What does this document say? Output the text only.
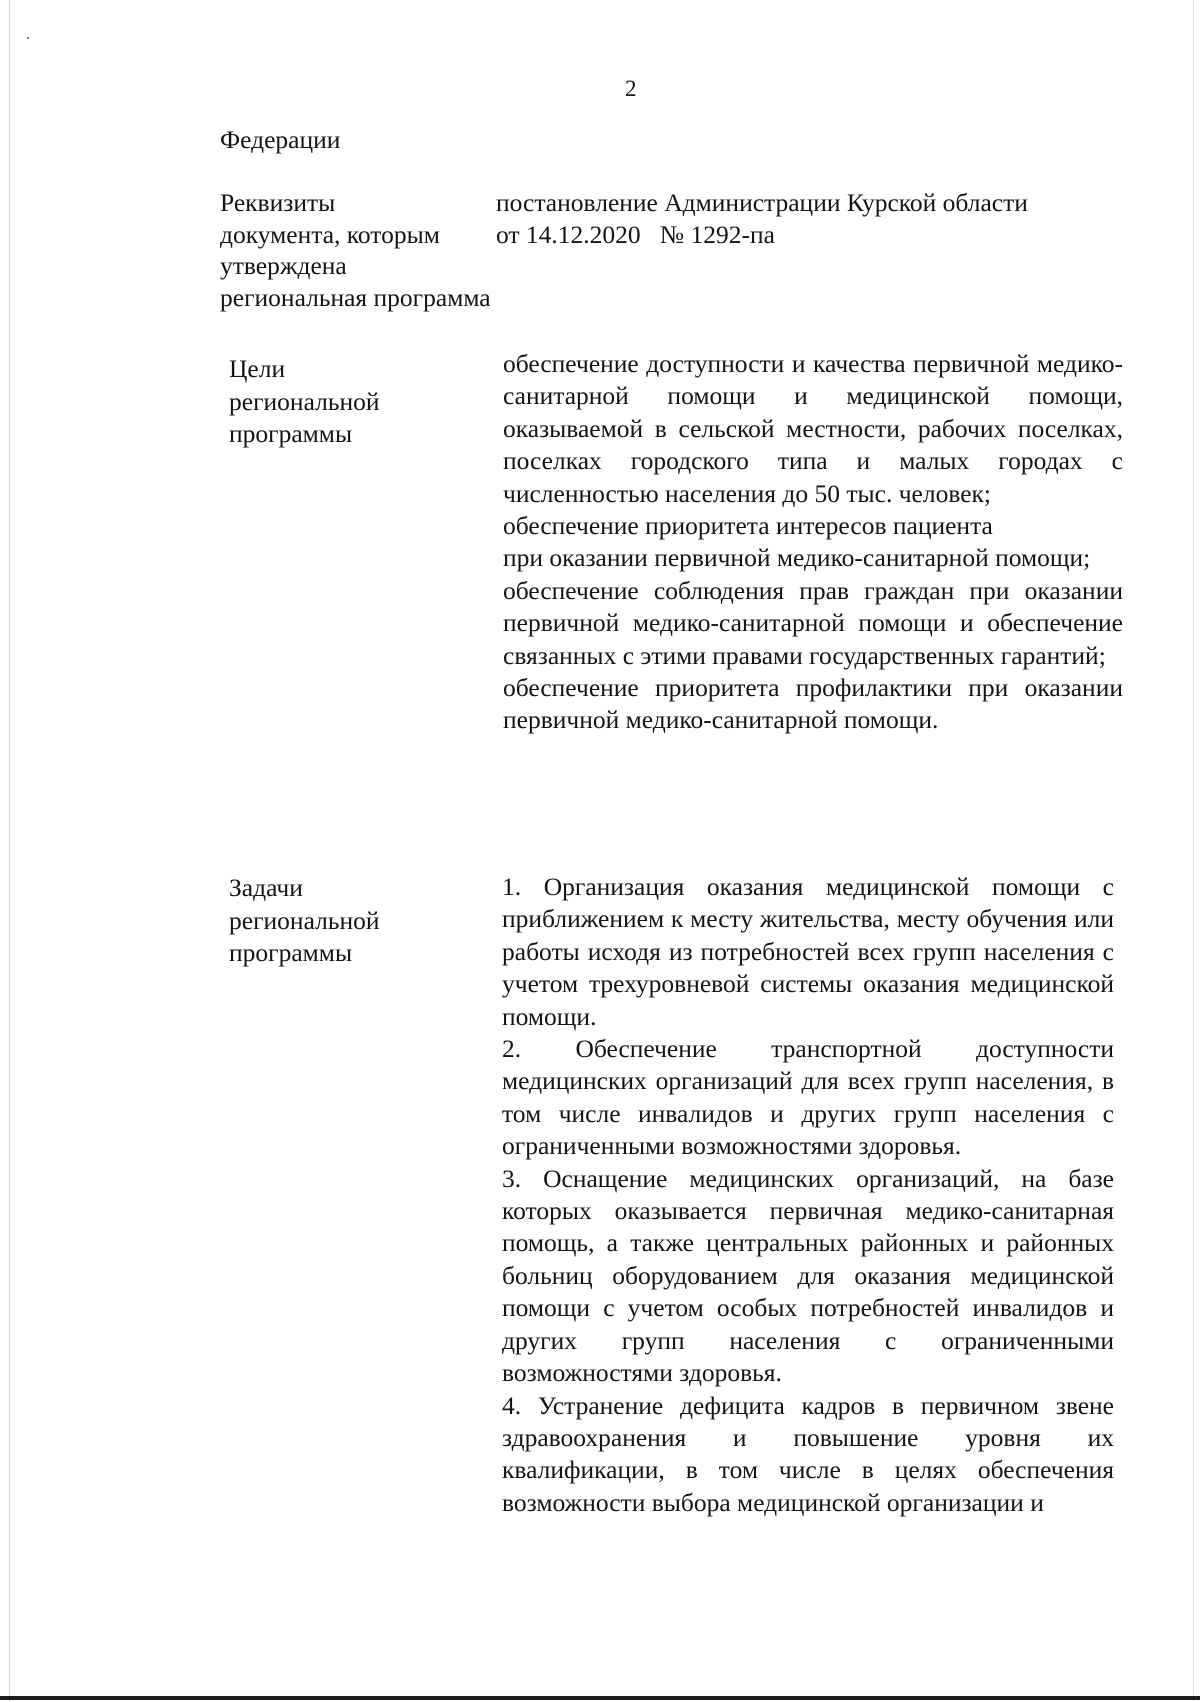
2
Федерации
Реквизиты
документа, которым
утверждена
региональная программа
постановление Администрации Курской области
от 14.12.2020   № 1292-па
Цели
региональной
программы
обеспечение доступности и качества первичной медико-санитарной помощи и медицинской помощи, оказываемой в сельской местности, рабочих поселках, поселках городского типа и малых городах с численностью населения до 50 тыс. человек;
обеспечение приоритета интересов пациента
при оказании первичной медико-санитарной помощи;
обеспечение соблюдения прав граждан при оказании первичной медико-санитарной помощи и обеспечение связанных с этими правами государственных гарантий;
обеспечение приоритета профилактики при оказании первичной медико-санитарной помощи.
Задачи
региональной
программы
1. Организация оказания медицинской помощи с приближением к месту жительства, месту обучения или работы исходя из потребностей всех групп населения с учетом трехуровневой системы оказания медицинской помощи.
2. Обеспечение транспортной доступности медицинских организаций для всех групп населения, в том числе инвалидов и других групп населения с ограниченными возможностями здоровья.
3. Оснащение медицинских организаций, на базе которых оказывается первичная медико-санитарная помощь, а также центральных районных и районных больниц оборудованием для оказания медицинской помощи с учетом особых потребностей инвалидов и других групп населения с ограниченными возможностями здоровья.
4. Устранение дефицита кадров в первичном звене здравоохранения и повышение уровня их квалификации, в том числе в целях обеспечения возможности выбора медицинской организации и
